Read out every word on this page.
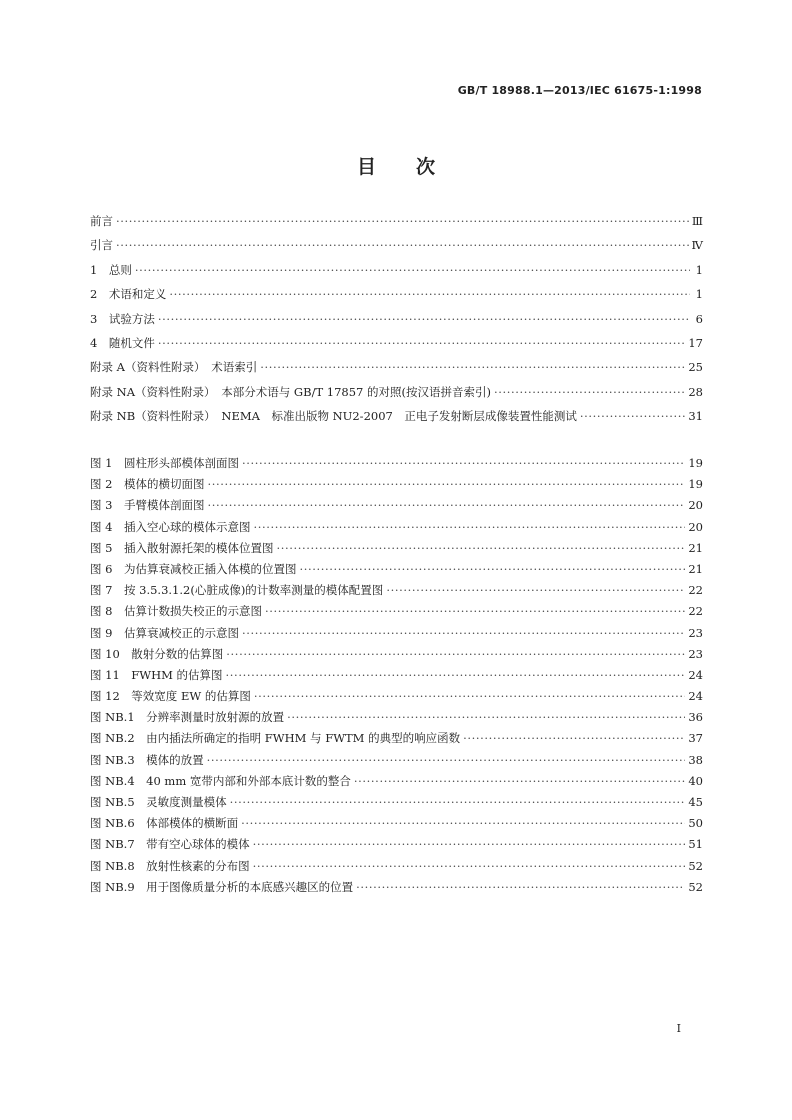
GB/T 18988.1—2013/IEC 61675-1:1998
目 次
前言 ·····	Ⅲ
引言 ·····	Ⅳ
1　总则 ·····	1
2　术语和定义 ·····	1
3　试验方法 ·····	6
4　随机文件 ·····	17
附录 A（资料性附录）　术语索引 ·····	25
附录 NA（资料性附录）　本部分术语与 GB/T 17857 的对照(按汉语拼音索引) ·····	28
附录 NB（资料性附录）　NEMA　标准出版物 NU2-2007　正电子发射断层成像装置性能测试 ·····	31
图 1　圆柱形头部模体剖面图 ·····	19
图 2　模体的横切面图 ·····	19
图 3　手臂模体剖面图 ·····	20
图 4　插入空心球的模体示意图 ·····	20
图 5　插入散射源托架的模体位置图 ·····	21
图 6　为估算衰减校正插入体模的位置图 ·····	21
图 7　按 3.5.3.1.2(心脏成像)的计数率测量的模体配置图 ·····	22
图 8　估算计数损失校正的示意图 ·····	22
图 9　估算衰减校正的示意图 ·····	23
图 10　散射分数的估算图 ·····	23
图 11　FWHM 的估算图 ·····	24
图 12　等效宽度 EW 的估算图 ·····	24
图 NB.1　分辨率测量时放射源的放置 ·····	36
图 NB.2　由内插法所确定的指明 FWHM 与 FWTM 的典型的响应函数 ·····	37
图 NB.3　模体的放置 ·····	38
图 NB.4　40 mm 宽带内部和外部本底计数的整合 ·····	40
图 NB.5　灵敏度测量模体 ·····	45
图 NB.6　体部模体的横断面 ·····	50
图 NB.7　带有空心球体的模体 ·····	51
图 NB.8　放射性核素的分布图 ·····	52
图 NB.9　用于图像质量分析的本底感兴趣区的位置 ·····	52
I
